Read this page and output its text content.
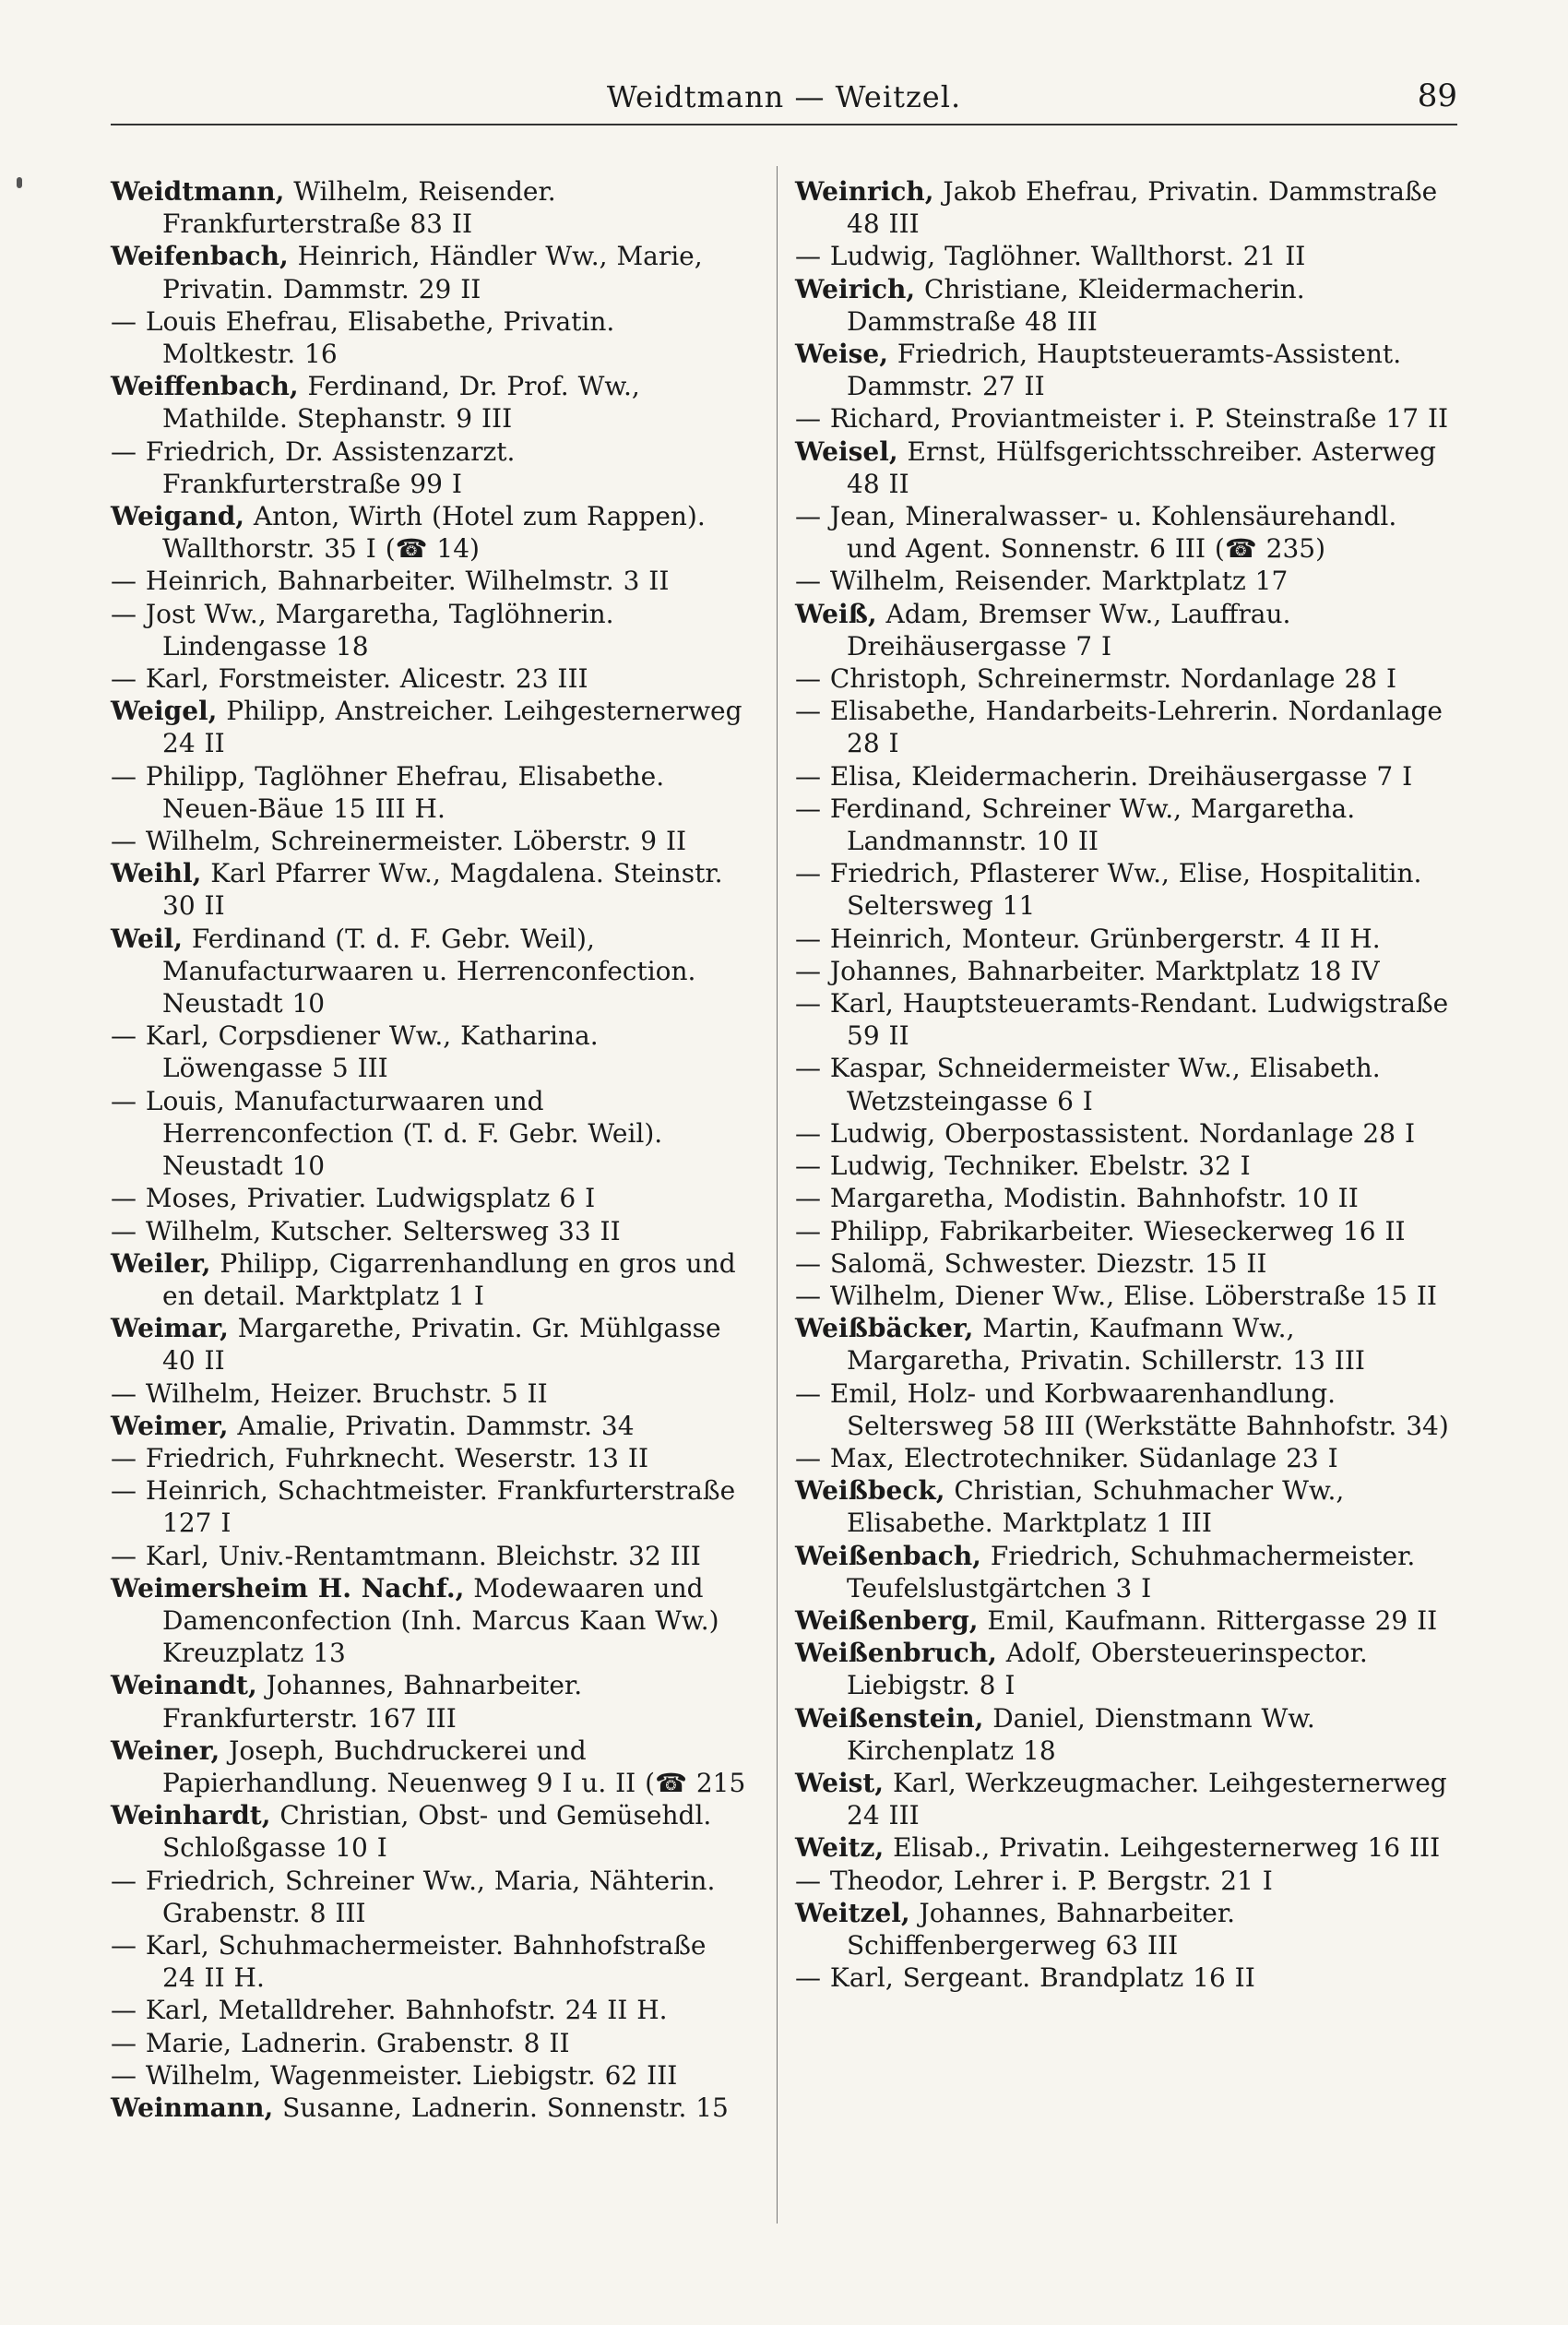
Weidtmann — Weitzel.	89

Weidtmann, Wilhelm, Reisender. Frankfurterstraße 83 II

Weifenbach, Heinrich, Händler Ww., Marie, Privatin. Dammstr. 29 II

— Louis Ehefrau, Elisabethe, Privatin. Moltkestr. 16

Weiffenbach, Ferdinand, Dr. Prof. Ww., Mathilde. Stephanstr. 9 III

— Friedrich, Dr. Assistenzarzt. Frankfurterstraße 99 I

Weigand, Anton, Wirth (Hotel zum Rappen). Wallthorstr. 35 I (☎ 14)

— Heinrich, Bahnarbeiter. Wilhelmstr. 3 II

— Jost Ww., Margaretha, Taglöhnerin. Lindengasse 18

— Karl, Forstmeister. Alicestr. 23 III

Weigel, Philipp, Anstreicher. Leihgesternerweg 24 II

— Philipp, Taglöhner Ehefrau, Elisabethe. Neuen-Bäue 15 III H.

— Wilhelm, Schreinermeister. Löberstr. 9 II

Weihl, Karl Pfarrer Ww., Magdalena. Steinstr. 30 II

Weil, Ferdinand (T. d. F. Gebr. Weil), Manufacturwaaren u. Herrenconfection. Neustadt 10

— Karl, Corpsdiener Ww., Katharina. Löwengasse 5 III

— Louis, Manufacturwaaren und Herrenconfection (T. d. F. Gebr. Weil). Neustadt 10

— Moses, Privatier. Ludwigsplatz 6 I

— Wilhelm, Kutscher. Seltersweg 33 II

Weiler, Philipp, Cigarrenhandlung en gros und en detail. Marktplatz 1 I

Weimar, Margarethe, Privatin. Gr. Mühlgasse 40 II

— Wilhelm, Heizer. Bruchstr. 5 II

Weimer, Amalie, Privatin. Dammstr. 34

— Friedrich, Fuhrknecht. Weserstr. 13 II

— Heinrich, Schachtmeister. Frankfurterstraße 127 I

— Karl, Univ.-Rentamtmann. Bleichstr. 32 III

Weimersheim H. Nachf., Modewaaren und Damenconfection (Inh. Marcus Kaan Ww.) Kreuzplatz 13

Weinandt, Johannes, Bahnarbeiter. Frankfurterstr. 167 III

Weiner, Joseph, Buchdruckerei und Papierhandlung. Neuenweg 9 I u. II (☎ 215

Weinhardt, Christian, Obst- und Gemüsehdl. Schloßgasse 10 I

— Friedrich, Schreiner Ww., Maria, Nähterin. Grabenstr. 8 III

— Karl, Schuhmachermeister. Bahnhofstraße 24 II H.

— Karl, Metalldreher. Bahnhofstr. 24 II H.

— Marie, Ladnerin. Grabenstr. 8 II

— Wilhelm, Wagenmeister. Liebigstr. 62 III

Weinmann, Susanne, Ladnerin. Sonnenstr. 15

Weinrich, Jakob Ehefrau, Privatin. Dammstraße 48 III

— Ludwig, Taglöhner. Wallthorst. 21 II

Weirich, Christiane, Kleidermacherin. Dammstraße 48 III

Weise, Friedrich, Hauptsteueramts-Assistent. Dammstr. 27 II

— Richard, Proviantmeister i. P. Steinstraße 17 II

Weisel, Ernst, Hülfsgerichtsschreiber. Asterweg 48 II

— Jean, Mineralwasser- u. Kohlensäurehandl. und Agent. Sonnenstr. 6 III (☎ 235)

— Wilhelm, Reisender. Marktplatz 17

Weiß, Adam, Bremser Ww., Lauffrau. Dreihäusergasse 7 I

— Christoph, Schreinermstr. Nordanlage 28 I

— Elisabethe, Handarbeits-Lehrerin. Nordanlage 28 I

— Elisa, Kleidermacherin. Dreihäusergasse 7 I

— Ferdinand, Schreiner Ww., Margaretha. Landmannstr. 10 II

— Friedrich, Pflasterer Ww., Elise, Hospitalitin. Seltersweg 11

— Heinrich, Monteur. Grünbergerstr. 4 II H.

— Johannes, Bahnarbeiter. Marktplatz 18 IV

— Karl, Hauptsteueramts-Rendant. Ludwigstraße 59 II

— Kaspar, Schneidermeister Ww., Elisabeth. Wetzsteingasse 6 I

— Ludwig, Oberpostassistent. Nordanlage 28 I

— Ludwig, Techniker. Ebelstr. 32 I

— Margaretha, Modistin. Bahnhofstr. 10 II

— Philipp, Fabrikarbeiter. Wieseckerweg 16 II

— Salomä, Schwester. Diezstr. 15 II

— Wilhelm, Diener Ww., Elise. Löberstraße 15 II

Weißbäcker, Martin, Kaufmann Ww., Margaretha, Privatin. Schillerstr. 13 III

— Emil, Holz- und Korbwaarenhandlung. Seltersweg 58 III (Werkstätte Bahnhofstr. 34)

— Max, Electrotechniker. Südanlage 23 I

Weißbeck, Christian, Schuhmacher Ww., Elisabethe. Marktplatz 1 III

Weißenbach, Friedrich, Schuhmachermeister. Teufelslustgärtchen 3 I

Weißenberg, Emil, Kaufmann. Rittergasse 29 II

Weißenbruch, Adolf, Obersteuerinspector. Liebigstr. 8 I

Weißenstein, Daniel, Dienstmann Ww. Kirchenplatz 18

Weist, Karl, Werkzeugmacher. Leihgesternerweg 24 III

Weitz, Elisab., Privatin. Leihgesternerweg 16 III

— Theodor, Lehrer i. P. Bergstr. 21 I

Weitzel, Johannes, Bahnarbeiter. Schiffenbergerweg 63 III

— Karl, Sergeant. Brandplatz 16 II
